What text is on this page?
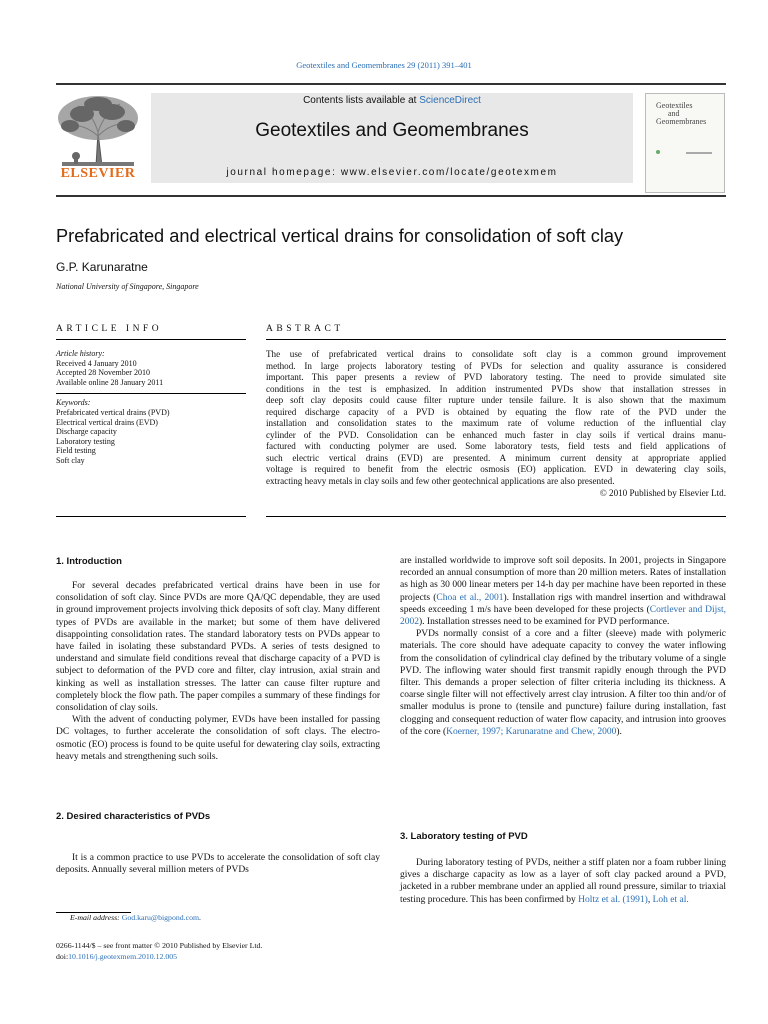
Geotextiles and Geomembranes 29 (2011) 391–401
ELSEVIER
Contents lists available at ScienceDirect
Geotextiles and Geomembranes
journal homepage: www.elsevier.com/locate/geotexmem
Geotextiles
and
Geomembranes
Prefabricated and electrical vertical drains for consolidation of soft clay
G.P. Karunaratne
National University of Singapore, Singapore
ARTICLE INFO	ABSTRACT
Article history:
Received 4 January 2010
Accepted 28 November 2010
Available online 28 January 2011
Keywords:
Prefabricated vertical drains (PVD)
Electrical vertical drains (EVD)
Discharge capacity
Laboratory testing
Field testing
Soft clay
The use of prefabricated vertical drains to consolidate soft clay is a common ground improvement
method. In large projects laboratory testing of PVDs for selection and quality assurance is considered
important. This paper presents a review of PVD laboratory testing. The need to provide simulated site
conditions in the test is emphasized. In addition instrumented PVDs show that installation stresses in
deep soft clay deposits could cause filter rupture under tensile failure. It is also shown that the maximum
required discharge capacity of a PVD is obtained by equating the flow rate of the PVD under the
installation and consolidation states to the maximum rate of volume reduction of the influential clay
cylinder of the PVD. Consolidation can be enhanced much faster in clay soils if vertical drains manu-
factured with conducting polymer are used. Some laboratory tests, field tests and field applications of
such electric vertical drains (EVD) are presented. A minimum current density at appropriate applied
voltage is required to benefit from the electric osmosis (EO) application. EVD in dewatering clay soils,
extracting heavy metals in clay soils and few other geotechnical applications are also presented.
© 2010 Published by Elsevier Ltd.
1. Introduction

For several decades prefabricated vertical drains have been in use for consolidation of soft clay. Since PVDs are more QA/QC dependable, they are used in ground improvement projects involving thick deposits of soft clay. Many different types of PVDs are available in the market; but some of them have delivered disappointing consolidation rates. The standard laboratory tests on PVDs appear to have failed in isolating these substandard PVDs. A series of tests designed to understand and simulate field conditions reveal that discharge capacity of a PVD is subject to deformation of the PVD core and filter, clay intrusion, axial strain and kinking as well as installation stresses. The latter can cause filter rupture and completely block the flow path. The paper compiles a summary of these findings for consolidation of clay soils.

With the advent of conducting polymer, EVDs have been installed for passing DC voltages, to further accelerate the consolidation of soft clays. The electro-osmotic (EO) process is found to be quite useful for dewatering clay soils, extracting heavy metals and strengthening such soils.

2. Desired characteristics of PVDs

It is a common practice to use PVDs to accelerate the consolidation of soft clay deposits. Annually several million meters of PVDs

E-mail address: God.karu@bigpond.com.
0266-1144/$ – see front matter © 2010 Published by Elsevier Ltd.
doi:10.1016/j.geotexmem.2010.12.005

are installed worldwide to improve soft soil deposits. In 2001, projects in Singapore recorded an annual consumption of more than 20 million meters. Rates of installation as high as 30 000 linear meters per 14-h day per machine have been reported in these projects (Choa et al., 2001). Installation rigs with mandrel insertion and withdrawal speeds exceeding 1 m/s have been developed for these projects (Cortlever and Dijst, 2002). Installation stresses need to be examined for PVD performance.

PVDs normally consist of a core and a filter (sleeve) made with polymeric materials. The core should have adequate capacity to convey the water inflowing from the consolidation of cylindrical clay defined by the tributary volume of a single PVD. The inflowing water should first transmit rapidly enough through the PVD filter. This demands a proper selection of filter criteria including its thickness. A coarse single filter will not effectively arrest clay intrusion. A filter too thin and/or of smaller modulus is prone to (tensile and puncture) failure during installation, fast clogging and consequent reduction of water flow capacity, and intrusion into grooves of the core (Koerner, 1997; Karunaratne and Chew, 2000).

3. Laboratory testing of PVD

During laboratory testing of PVDs, neither a stiff platen nor a foam rubber lining gives a discharge capacity as low as a layer of soft clay packed around a PVD, jacketed in a rubber membrane under an applied all round pressure, similar to triaxial testing procedure. This has been confirmed by Holtz et al. (1991), Loh et al.
